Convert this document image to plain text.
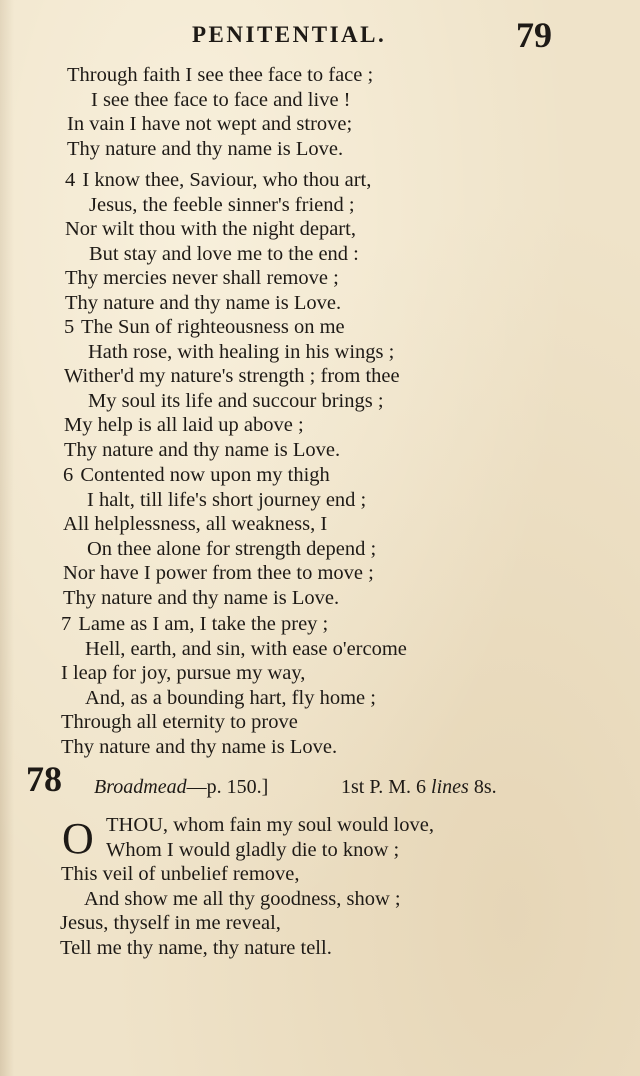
PENITENTIAL.	79
Through faith I see thee face to face ;
I see thee face to face and live !
In vain I have not wept and strove;
Thy nature and thy name is Love.
4 I know thee, Saviour, who thou art,
Jesus, the feeble sinner's friend ;
Nor wilt thou with the night depart,
But stay and love me to the end :
Thy mercies never shall remove ;
Thy nature and thy name is Love.
5 The Sun of righteousness on me
Hath rose, with healing in his wings ;
Wither'd my nature's strength ; from thee
My soul its life and succour brings ;
My help is all laid up above ;
Thy nature and thy name is Love.
6 Contented now upon my thigh
I halt, till life's short journey end ;
All helplessness, all weakness, I
On thee alone for strength depend ;
Nor have I power from thee to move ;
Thy nature and thy name is Love.
7 Lame as I am, I take the prey ;
Hell, earth, and sin, with ease o'ercome
I leap for joy, pursue my way,
And, as a bounding hart, fly home ;
Through all eternity to prove
Thy nature and thy name is Love.
78 Broadmead—p. 150.]	1st P. M. 6 lines 8s.
O THOU, whom fain my soul would love,
Whom I would gladly die to know ;
This veil of unbelief remove,
And show me all thy goodness, show ;
Jesus, thyself in me reveal,
Tell me thy name, thy nature tell.
